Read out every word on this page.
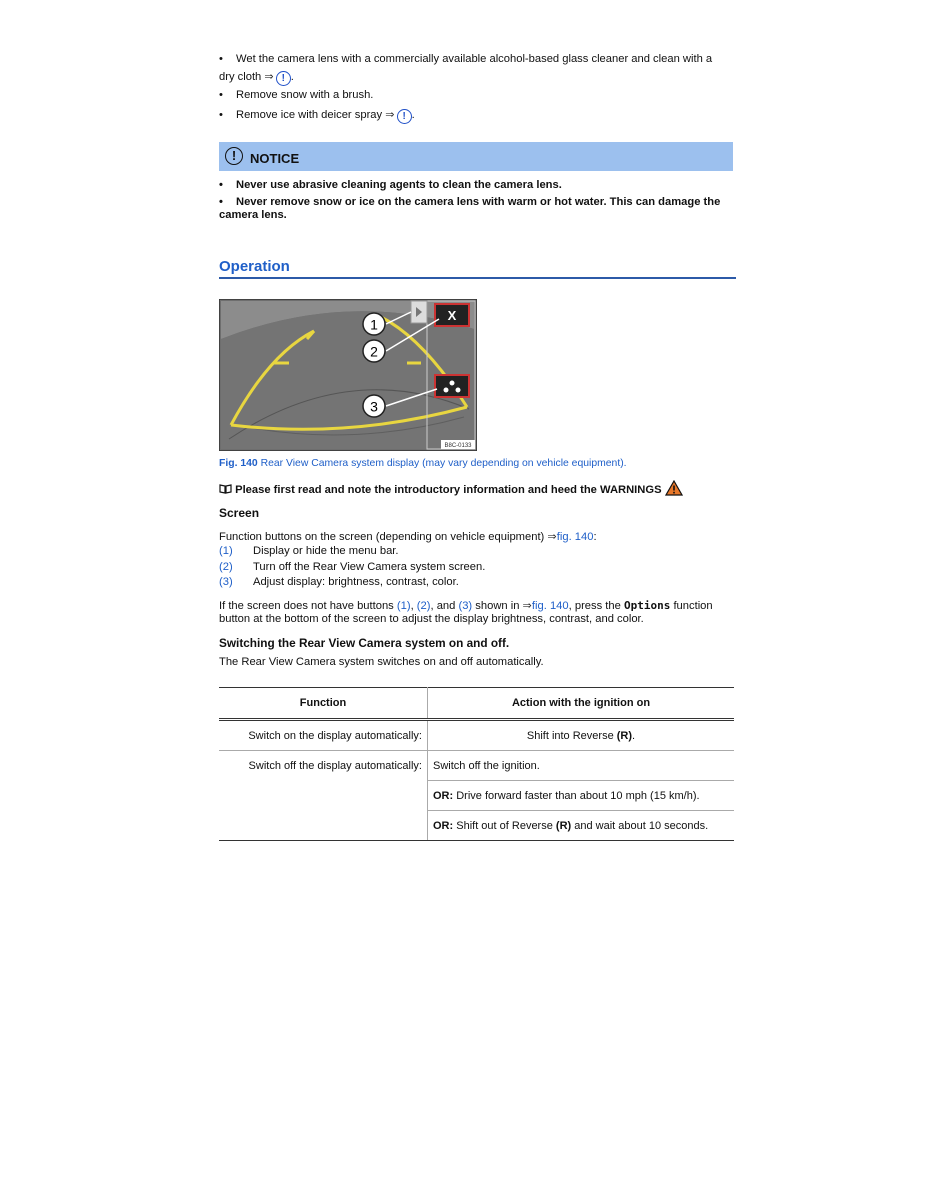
• Wet the camera lens with a commercially available alcohol-based glass cleaner and clean with a
dry cloth ⇒ ! .
• Remove snow with a brush.
• Remove ice with deicer spray ⇒ ! .
!	NOTICE
• Never use abrasive cleaning agents to clean the camera lens.
• Never remove snow or ice on the camera lens with warm or hot water. This can damage the
camera lens.
Operation
X
1
2
3
B8C-0133
Fig. 140 Rear View Camera system display (may vary depending on vehicle equipment).
Please first read and note the introductory information and heed the WARNINGS
Screen
Function buttons on the screen (depending on vehicle equipment) ⇒fig. 140:
(1) Display or hide the menu bar.
(2) Turn off the Rear View Camera system screen.
(3) Adjust display: brightness, contrast, color.
If the screen does not have buttons (1), (2), and (3) shown in ⇒fig. 140, press the Options function
button at the bottom of the screen to adjust the display brightness, contrast, and color.
Switching the Rear View Camera system on and off.
The Rear View Camera system switches on and off automatically.
Function	Action with the ignition on
Switch on the display automatically:	Shift into Reverse (R).
Switch off the display automatically:	Switch off the ignition.
	OR: Drive forward faster than about 10 mph (15 km/h).
	OR: Shift out of Reverse (R) and wait about 10 seconds.
